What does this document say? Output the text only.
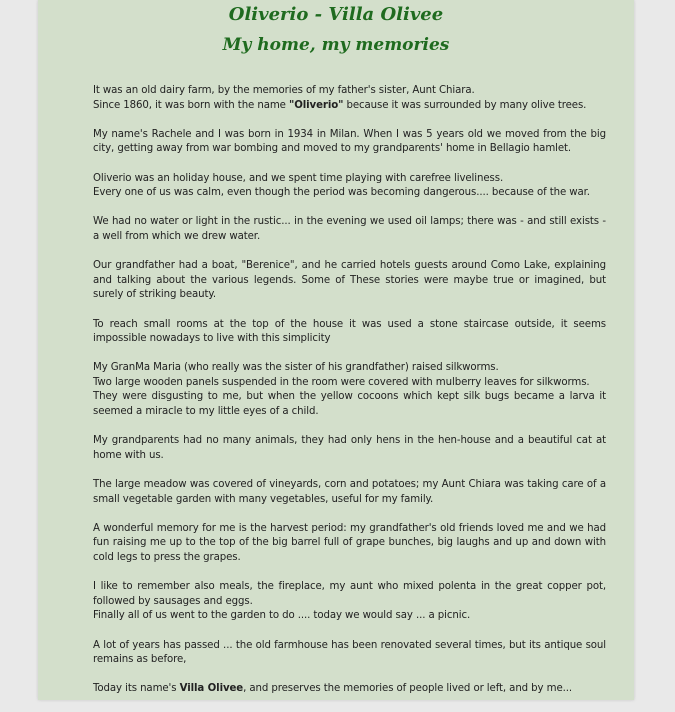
Oliverio - Villa Olivee
My home, my memories

It was an old dairy farm, by the memories of my father's sister, Aunt Chiara.
Since 1860, it was born with the name "Oliverio" because it was surrounded by many olive trees.

My name's Rachele and I was born in 1934 in Milan. When I was 5 years old we moved from the big city, getting away from war bombing and moved to my grandparents' home in Bellagio hamlet.

Oliverio was an holiday house, and we spent time playing with carefree liveliness.
Every one of us was calm, even though the period was becoming dangerous.... because of the war.

We had no water or light in the rustic... in the evening we used oil lamps; there was - and still exists - a well from which we drew water.

Our grandfather had a boat, "Berenice", and he carried hotels guests around Como Lake, explaining and talking about the various legends. Some of These stories were maybe true or imagined, but surely of striking beauty.

To reach small rooms at the top of the house it was used a stone staircase outside, it seems impossible nowadays to live with this simplicity

My GranMa Maria (who really was the sister of his grandfather) raised silkworms.
Two large wooden panels suspended in the room were covered with mulberry leaves for silkworms.
They were disgusting to me, but when the yellow cocoons which kept silk bugs became a larva it seemed a miracle to my little eyes of a child.

My grandparents had no many animals, they had only hens in the hen-house and a beautiful cat at home with us.

The large meadow was covered of vineyards, corn and potatoes; my Aunt Chiara was taking care of a small vegetable garden with many vegetables, useful for my family.

A wonderful memory for me is the harvest period: my grandfather's old friends loved me and we had fun raising me up to the top of the big barrel full of grape bunches, big laughs and up and down with cold legs to press the grapes.

I like to remember also meals, the fireplace, my aunt who mixed polenta in the great copper pot, followed by sausages and eggs.
Finally all of us went to the garden to do .... today we would say ... a picnic.

A lot of years has passed ... the old farmhouse has been renovated several times, but its antique soul remains as before,

Today its name's Villa Olivee, and preserves the memories of people lived or left, and by me...
